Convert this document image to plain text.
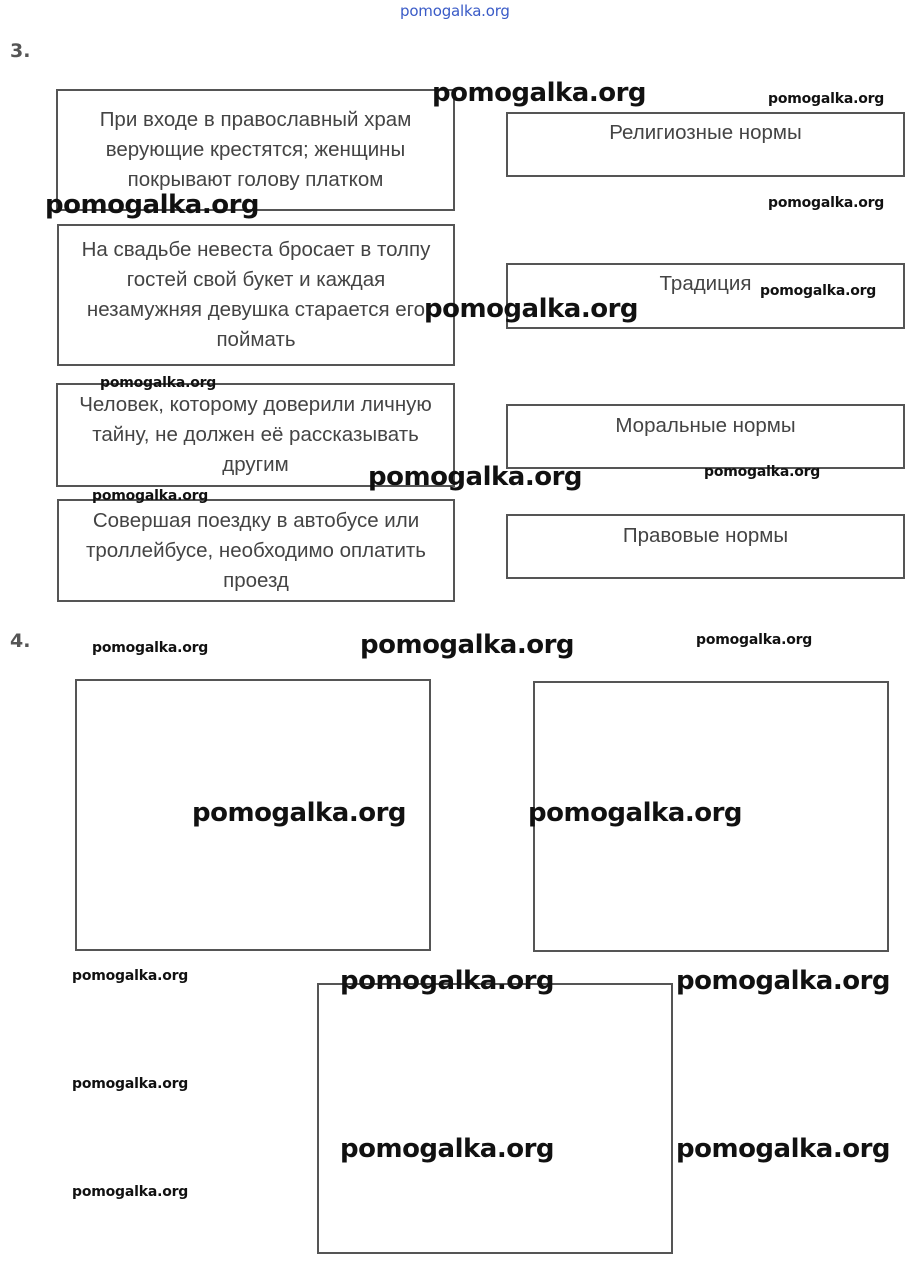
pomogalka.org
3.
При входе в православный храм верующие крестятся; женщины покрывают голову платком
На свадьбе невеста бросает в толпу гостей свой букет и каждая незамужняя девушка старается его поймать
Человек, которому доверили личную тайну, не должен её рассказывать другим
Совершая поездку в автобусе или троллейбусе, необходимо оплатить проезд
Религиозные нормы
Традиция
Моральные нормы
Правовые нормы
4.
pomogalka.org	pomogalka.org
pomogalka.org	pomogalka.org
pomogalka.org
pomogalka.org
pomogalka.org
pomogalka.org
pomogalka.org
pomogalka.org
pomogalka.org	pomogalka.org	pomogalka.org
pomogalka.org	pomogalka.org
pomogalka.org	pomogalka.org	pomogalka.org
pomogalka.org
pomogalka.org	pomogalka.org
pomogalka.org
